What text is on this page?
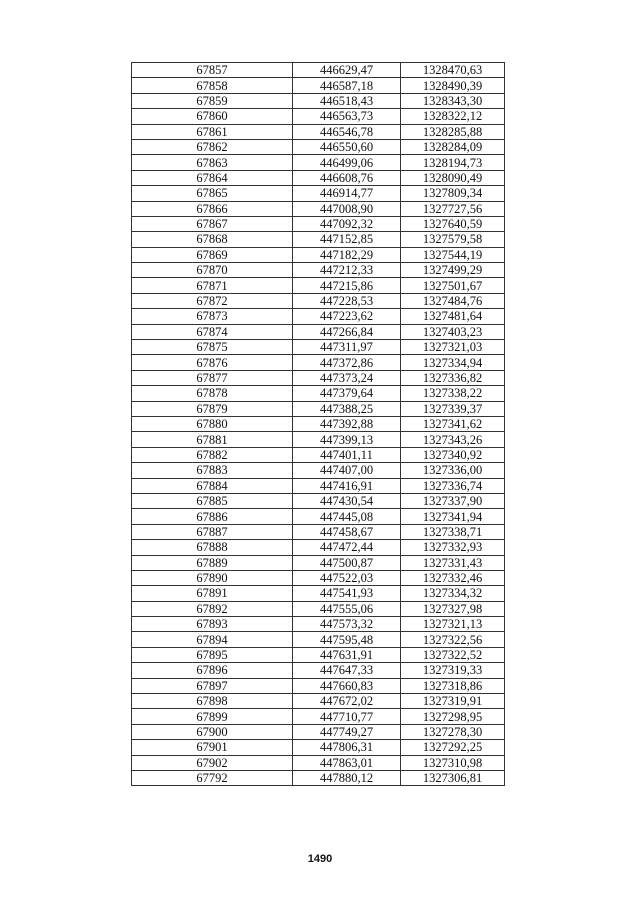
67857	446629,47	1328470,63
67858	446587,18	1328490,39
67859	446518,43	1328343,30
67860	446563,73	1328322,12
67861	446546,78	1328285,88
67862	446550,60	1328284,09
67863	446499,06	1328194,73
67864	446608,76	1328090,49
67865	446914,77	1327809,34
67866	447008,90	1327727,56
67867	447092,32	1327640,59
67868	447152,85	1327579,58
67869	447182,29	1327544,19
67870	447212,33	1327499,29
67871	447215,86	1327501,67
67872	447228,53	1327484,76
67873	447223,62	1327481,64
67874	447266,84	1327403,23
67875	447311,97	1327321,03
67876	447372,86	1327334,94
67877	447373,24	1327336,82
67878	447379,64	1327338,22
67879	447388,25	1327339,37
67880	447392,88	1327341,62
67881	447399,13	1327343,26
67882	447401,11	1327340,92
67883	447407,00	1327336,00
67884	447416,91	1327336,74
67885	447430,54	1327337,90
67886	447445,08	1327341,94
67887	447458,67	1327338,71
67888	447472,44	1327332,93
67889	447500,87	1327331,43
67890	447522,03	1327332,46
67891	447541,93	1327334,32
67892	447555,06	1327327,98
67893	447573,32	1327321,13
67894	447595,48	1327322,56
67895	447631,91	1327322,52
67896	447647,33	1327319,33
67897	447660,83	1327318,86
67898	447672,02	1327319,91
67899	447710,77	1327298,95
67900	447749,27	1327278,30
67901	447806,31	1327292,25
67902	447863,01	1327310,98
67792	447880,12	1327306,81
1490
